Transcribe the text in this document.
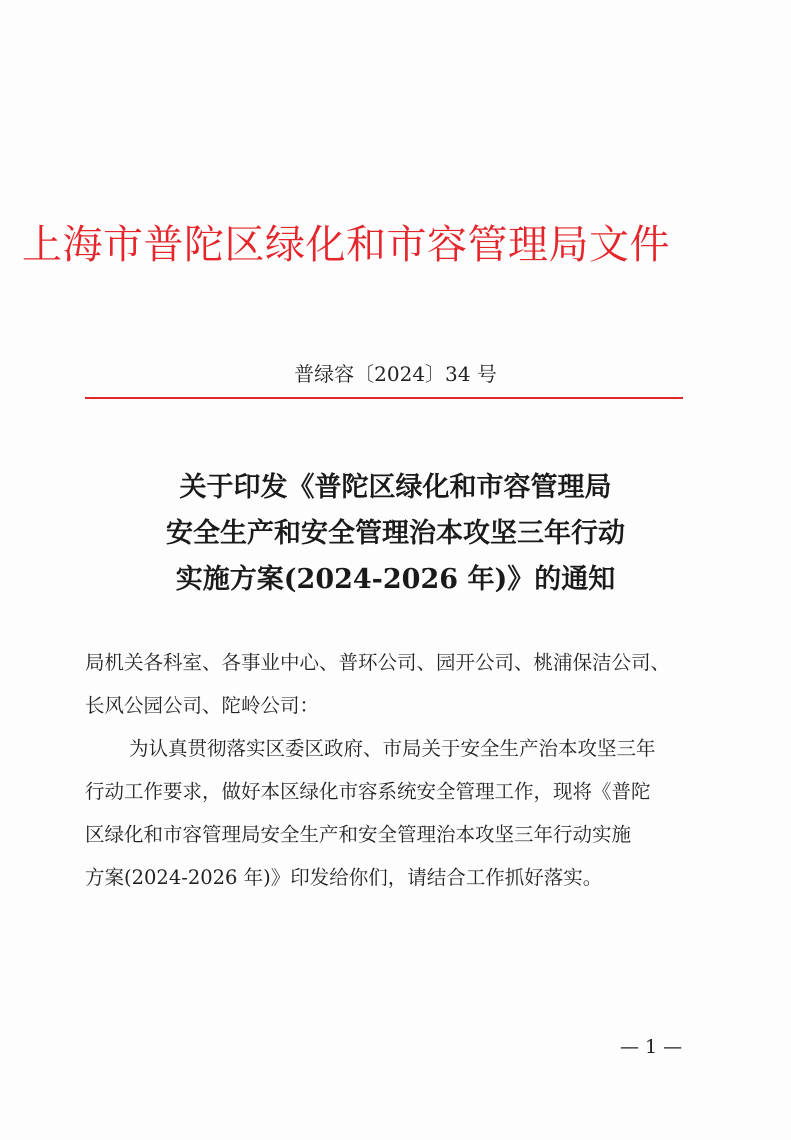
上海市普陀区绿化和市容管理局文件
普绿容〔2024〕34 号
关于印发《普陀区绿化和市容管理局
安全生产和安全管理治本攻坚三年行动
实施方案(2024-2026 年)》的通知
局机关各科室、各事业中心、普环公司、园开公司、桃浦保洁公司、
长风公园公司、陀岭公司：
为认真贯彻落实区委区政府、市局关于安全生产治本攻坚三年
行动工作要求，做好本区绿化市容系统安全管理工作，现将《普陀
区绿化和市容管理局安全生产和安全管理治本攻坚三年行动实施
方案(2024-2026 年)》印发给你们，请结合工作抓好落实。
— 1 —
